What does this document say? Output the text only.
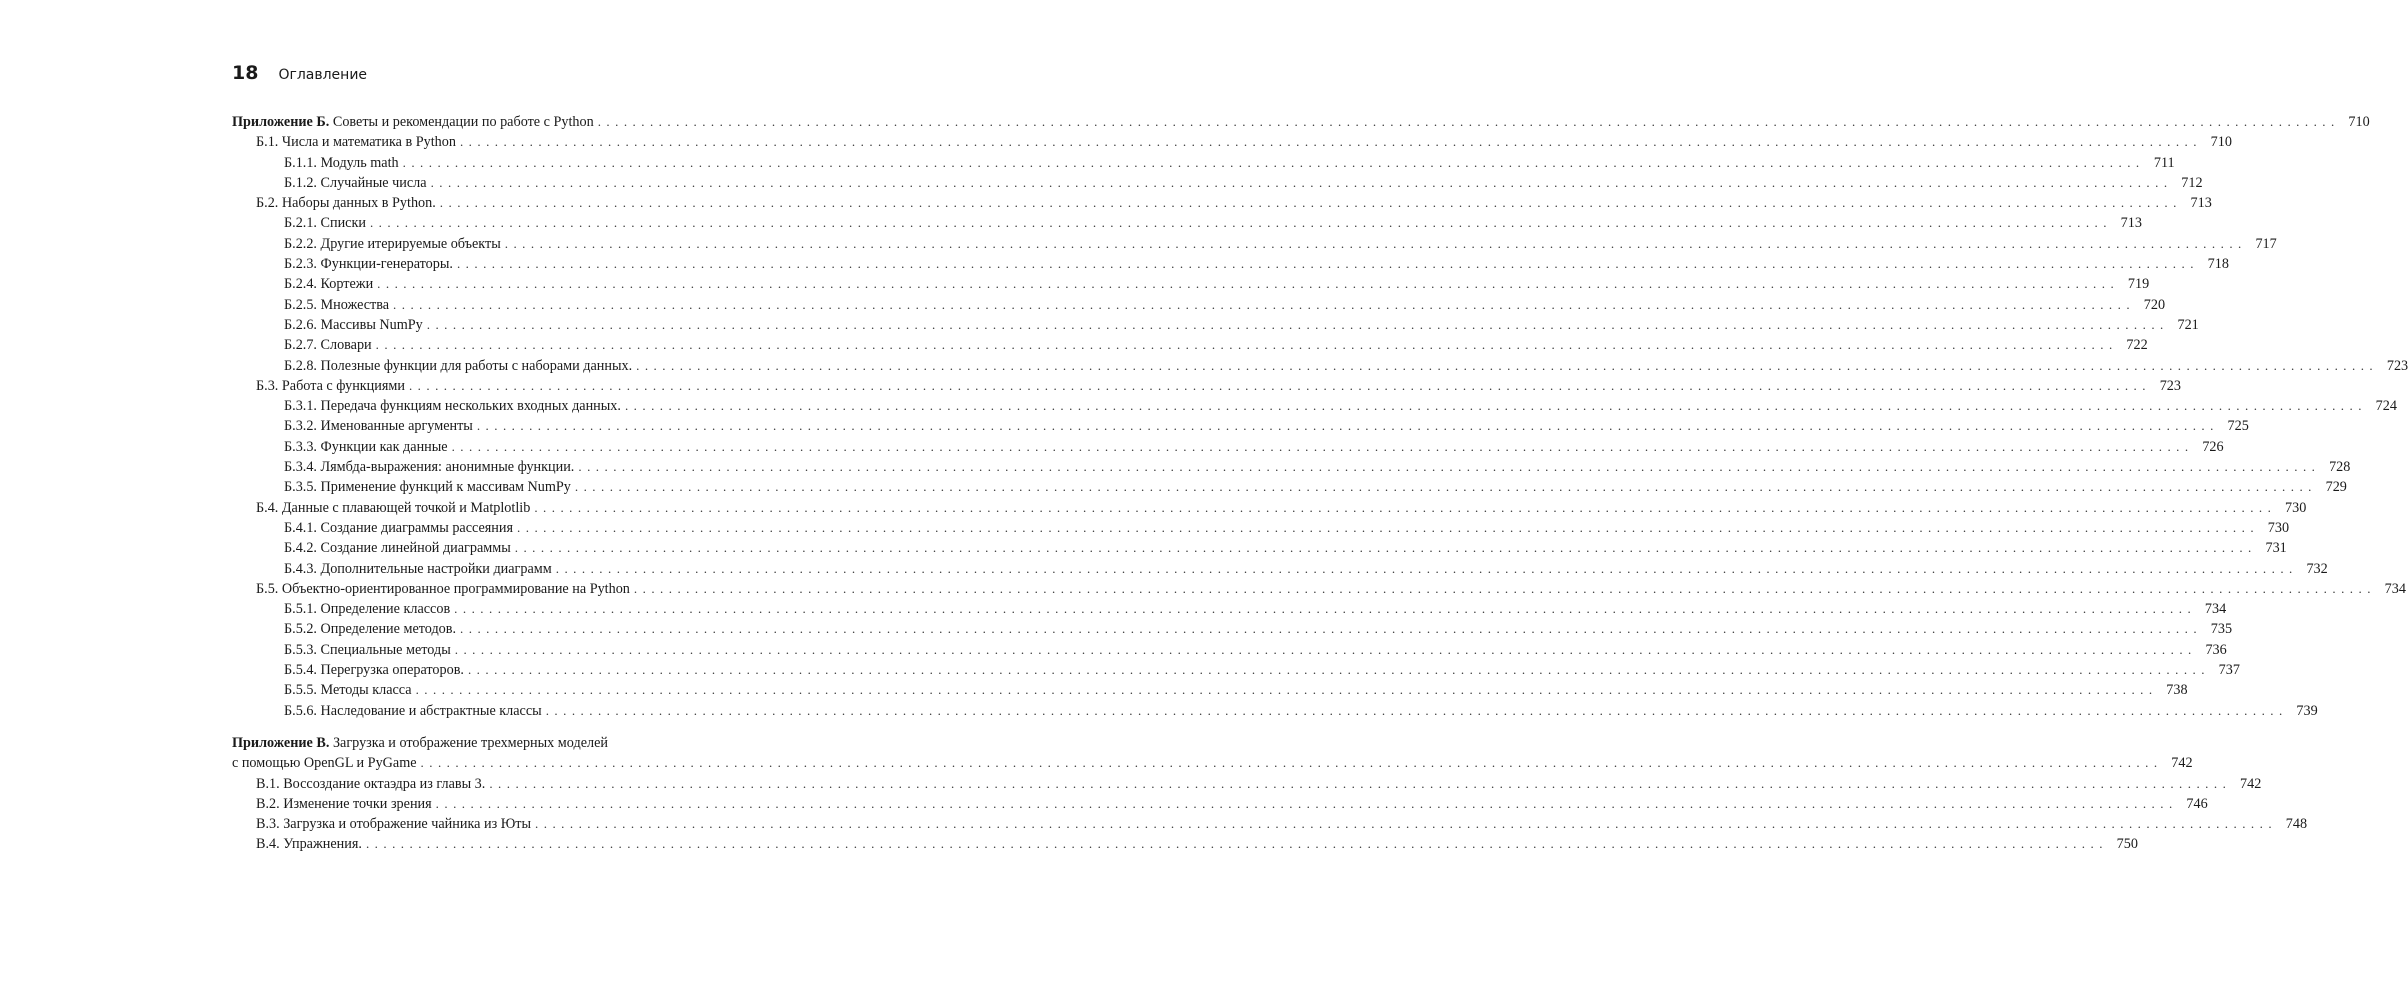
18 Оглавление
Приложение Б. Советы и рекомендации по работе с Python ........................................................................................................................................................................................................ 710
Б.1. Числа и математика в Python ........................................................................................................................................................................................................ 710
Б.1.1. Модуль math ........................................................................................................................................................................................................ 711
Б.1.2. Случайные числа ........................................................................................................................................................................................................ 712
Б.2. Наборы данных в Python. ........................................................................................................................................................................................................ 713
Б.2.1. Списки ........................................................................................................................................................................................................ 713
Б.2.2. Другие итерируемые объекты ........................................................................................................................................................................................................ 717
Б.2.3. Функции-генераторы. ........................................................................................................................................................................................................ 718
Б.2.4. Кортежи ........................................................................................................................................................................................................ 719
Б.2.5. Множества ........................................................................................................................................................................................................ 720
Б.2.6. Массивы NumPy ........................................................................................................................................................................................................ 721
Б.2.7. Словари ........................................................................................................................................................................................................ 722
Б.2.8. Полезные функции для работы с наборами данных. ........................................................................................................................................................................................................ 723
Б.3. Работа с функциями ........................................................................................................................................................................................................ 723
Б.3.1. Передача функциям нескольких входных данных. ........................................................................................................................................................................................................ 724
Б.3.2. Именованные аргументы ........................................................................................................................................................................................................ 725
Б.3.3. Функции как данные ........................................................................................................................................................................................................ 726
Б.3.4. Лямбда-выражения: анонимные функции. ........................................................................................................................................................................................................ 728
Б.3.5. Применение функций к массивам NumPy ........................................................................................................................................................................................................ 729
Б.4. Данные с плавающей точкой и Matplotlib ........................................................................................................................................................................................................ 730
Б.4.1. Создание диаграммы рассеяния ........................................................................................................................................................................................................ 730
Б.4.2. Создание линейной диаграммы ........................................................................................................................................................................................................ 731
Б.4.3. Дополнительные настройки диаграмм ........................................................................................................................................................................................................ 732
Б.5. Объектно-ориентированное программирование на Python ........................................................................................................................................................................................................ 734
Б.5.1. Определение классов ........................................................................................................................................................................................................ 734
Б.5.2. Определение методов. ........................................................................................................................................................................................................ 735
Б.5.3. Специальные методы ........................................................................................................................................................................................................ 736
Б.5.4. Перегрузка операторов. ........................................................................................................................................................................................................ 737
Б.5.5. Методы класса ........................................................................................................................................................................................................ 738
Б.5.6. Наследование и абстрактные классы ........................................................................................................................................................................................................ 739
Приложение В. Загрузка и отображение трехмерных моделей
с помощью OpenGL и PyGame ........................................................................................................................................................................................................ 742
В.1. Воссоздание октаэдра из главы 3. ........................................................................................................................................................................................................ 742
В.2. Изменение точки зрения ........................................................................................................................................................................................................ 746
В.3. Загрузка и отображение чайника из Юты ........................................................................................................................................................................................................ 748
В.4. Упражнения. ........................................................................................................................................................................................................ 750
